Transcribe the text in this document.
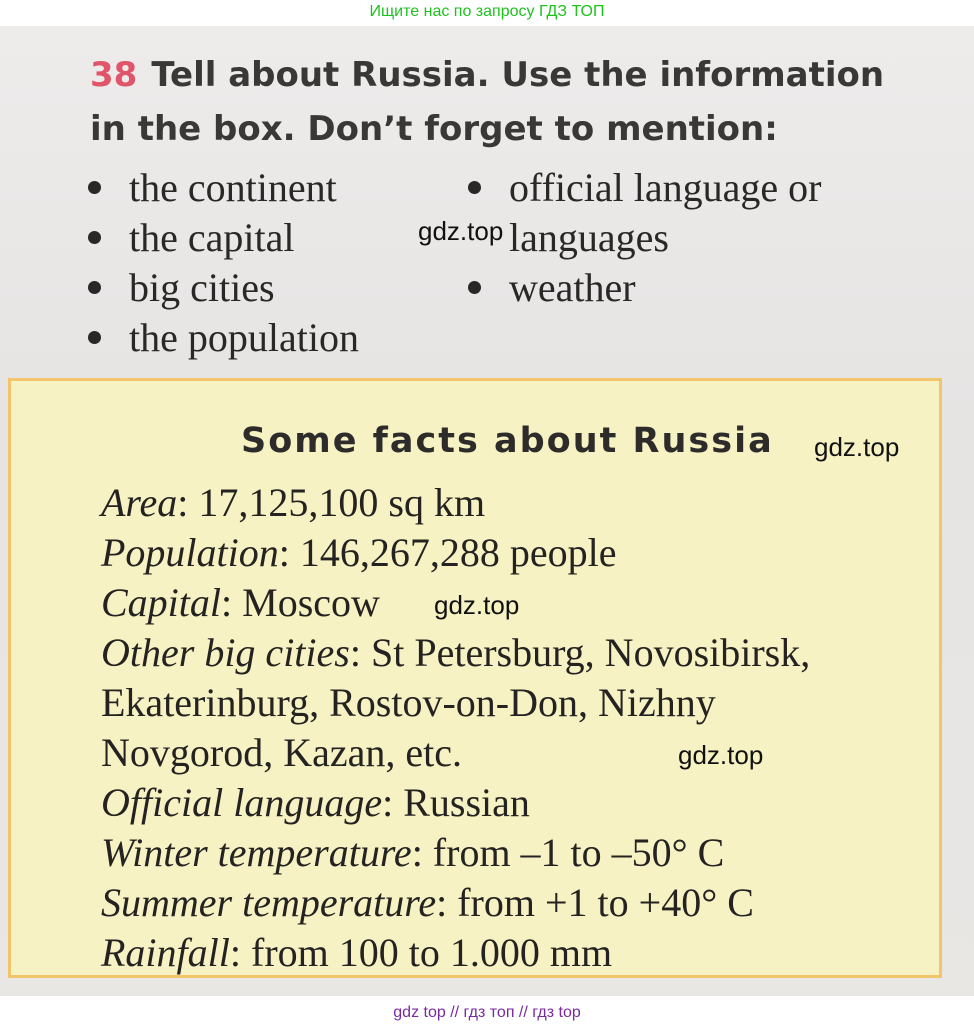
Ищите нас по запросу ГДЗ ТОП
38 Tell about Russia. Use the information
in the box. Don’t forget to mention:
the continent
the capital
big cities
the population
official language or
languages
weather
Some facts about Russia
Area: 17,125,100 sq km
Population: 146,267,288 people
Capital: Moscow
Other big cities: St Petersburg, Novosibirsk,
Ekaterinburg, Rostov-on-Don, Nizhny
Novgorod, Kazan, etc.
Official language: Russian
Winter temperature: from –1 to –50° C
Summer temperature: from +1 to +40° C
Rainfall: from 100 to 1.000 mm
gdz.top
gdz.top
gdz.top
gdz.top
gdz top // гдз топ // гдз top
